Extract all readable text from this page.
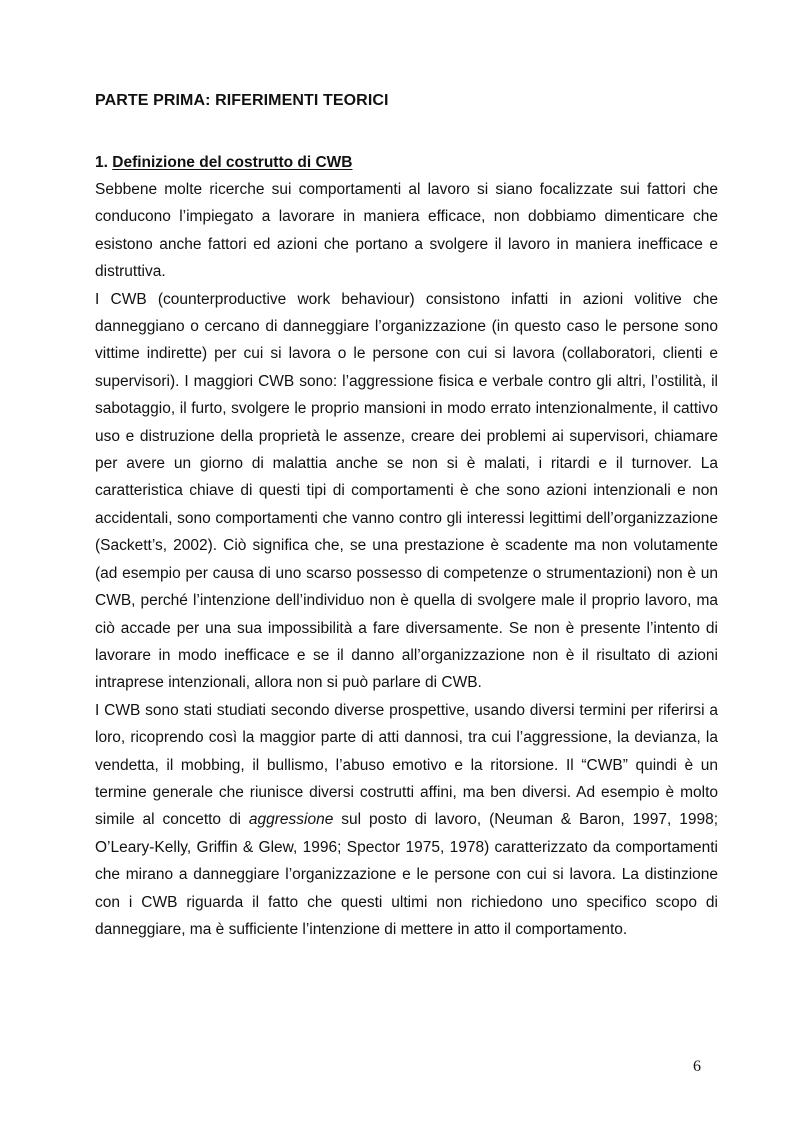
PARTE PRIMA: RIFERIMENTI TEORICI
1. Definizione del costrutto di CWB

Sebbene molte ricerche sui comportamenti al lavoro si siano focalizzate sui fattori che conducono l’impiegato a lavorare in maniera efficace, non dobbiamo dimenticare che esistono anche fattori ed azioni che portano a svolgere il lavoro in maniera inefficace e distruttiva.

I CWB (counterproductive work behaviour) consistono infatti in azioni volitive che danneggiano o cercano di danneggiare l’organizzazione (in questo caso le persone sono vittime indirette) per cui si lavora o le persone con cui si lavora (collaboratori, clienti e supervisori). I maggiori CWB sono: l’aggressione fisica e verbale contro gli altri, l’ostilità, il sabotaggio, il furto, svolgere le proprio mansioni in modo errato intenzionalmente, il cattivo uso e distruzione della proprietà le assenze, creare dei problemi ai supervisori, chiamare per avere un giorno di malattia anche se non si è malati, i ritardi e il turnover. La caratteristica chiave di questi tipi di comportamenti è che sono azioni intenzionali e non accidentali, sono comportamenti che vanno contro gli interessi legittimi dell’organizzazione (Sackett’s, 2002). Ciò significa che, se una prestazione è scadente ma non volutamente (ad esempio per causa di uno scarso possesso di competenze o strumentazioni) non è un CWB, perché l’intenzione dell’individuo non è quella di svolgere male il proprio lavoro, ma ciò accade per una sua impossibilità a fare diversamente. Se non è presente l’intento di lavorare in modo inefficace e se il danno all’organizzazione non è il risultato di azioni intraprese intenzionali, allora non si può parlare di CWB.

I CWB sono stati studiati secondo diverse prospettive, usando diversi termini per riferirsi a loro, ricoprendo così la maggior parte di atti dannosi, tra cui l’aggressione, la devianza, la vendetta, il mobbing, il bullismo, l’abuso emotivo e la ritorsione. Il “CWB” quindi è un termine generale che riunisce diversi costrutti affini, ma ben diversi. Ad esempio è molto simile al concetto di aggressione sul posto di lavoro, (Neuman & Baron, 1997, 1998; O’Leary-Kelly, Griffin & Glew, 1996; Spector 1975, 1978) caratterizzato da comportamenti che mirano a danneggiare l’organizzazione e le persone con cui si lavora. La distinzione con i CWB riguarda il fatto che questi ultimi non richiedono uno specifico scopo di danneggiare, ma è sufficiente l’intenzione di mettere in atto il comportamento.

6
